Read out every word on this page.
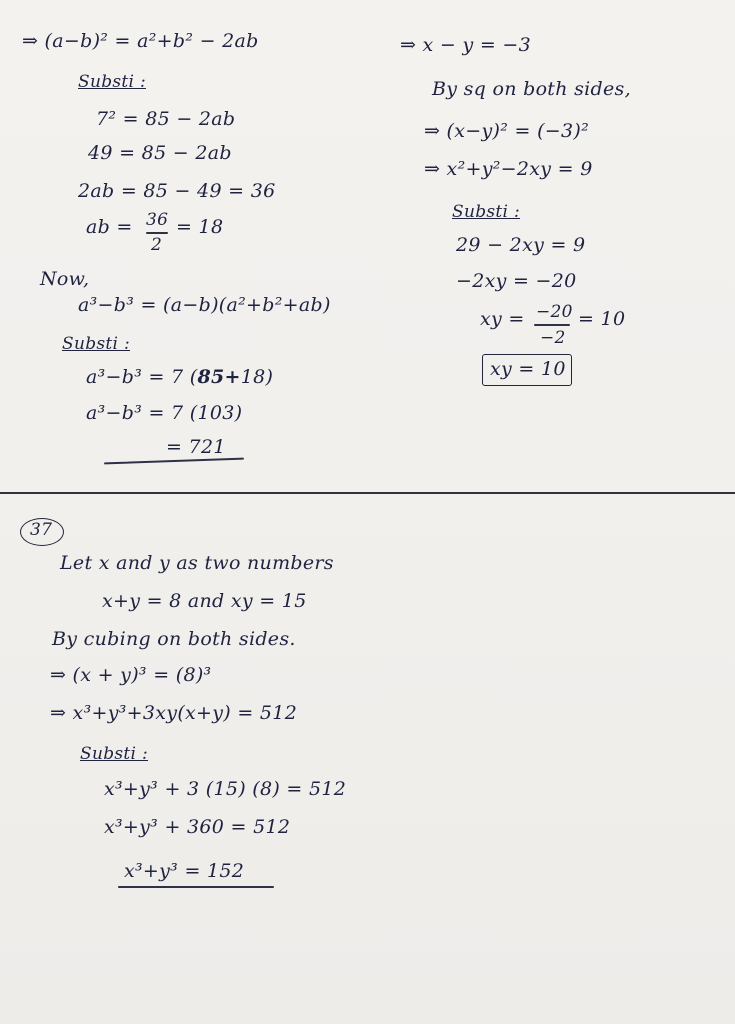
⇒ (a−b)² = a²+b² − 2ab
Substi :
7² = 85 − 2ab
49 = 85 − 2ab
2ab = 85 − 49 = 36
ab = 36
2
= 18
Now,
a³−b³ = (a−b)(a²+b²+ab)
Substi :
a³−b³ = 7 (85+18)
a³−b³ = 7 (103)
= 721
⇒ x − y = −3
By sq on both sides,
⇒ (x−y)² = (−3)²
⇒ x²+y²−2xy = 9
Substi :
29 − 2xy = 9
−2xy = −20
xy = −20
−2
= 10
xy = 10
37
Let x and y as two numbers
x+y = 8 and xy = 15
By cubing on both sides.
⇒ (x + y)³ = (8)³
⇒ x³+y³+3xy(x+y) = 512
Substi :
x³+y³ + 3 (15) (8) = 512
x³+y³ + 360 = 512
x³+y³ = 152
